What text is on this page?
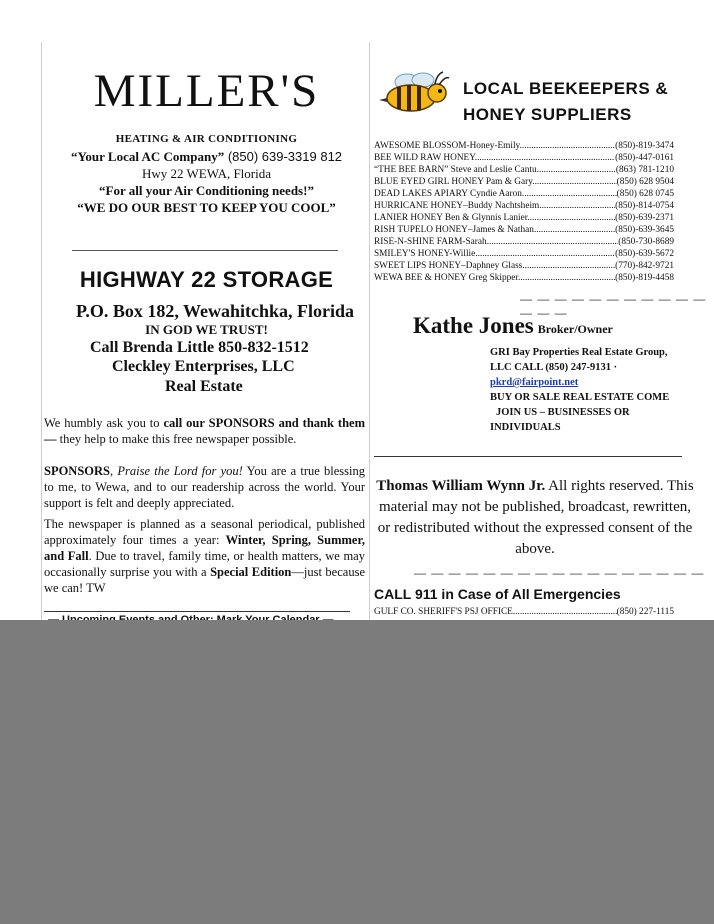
MILLER'S
HEATING & AIR CONDITIONING
“Your Local AC Company” (850) 639-3319 812
Hwy 22 WEWA, Florida
“For all your Air Conditioning needs!”
“WE DO OUR BEST TO KEEP YOU COOL”
HIGHWAY 22 STORAGE
P.O. Box 182, Wewahitchka, Florida
IN GOD WE TRUST!
Call Brenda Little 850-832-1512
Cleckley Enterprises, LLC
Real Estate
We humbly ask you to call our SPONSORS and thank them— they help to make this free newspaper possible.
SPONSORS, Praise the Lord for you! You are a true blessing to me, to Wewa, and to our readership across the world. Your support is felt and deeply appreciated.
The newspaper is planned as a seasonal periodical, published approximately four times a year: Winter, Spring, Summer, and Fall. Due to travel, family time, or health matters, we may occasionally surprise you with a Special Edition—just because we can! TW
LOCAL BEEKEEPERS &
HONEY SUPPLIERS
AWESOME BLOSSOM-Honey-Emily .....	(850)-819-3474
BEE WILD RAW HONEY .....	(850)-447-0161
“THE BEE BARN” Steve and Leslie Cantu .....	(863) 781-1210
BLUE EYED GIRL HONEY Pam & Gary .....	(850) 628 9504
DEAD LAKES APIARY Cyndie Aaron .....	(850) 628 0745
HURRICANE HONEY–Buddy Nachtsheim .....	(850)-814-0754
LANIER HONEY Ben & Glynnis Lanier .....	(850)-639-2371
RISH TUPELO HONEY–James & Nathan .....	(850)-639-3645
RISE-N-SHINE FARM-Sarah .....	(850-730-8689
SMILEY'S HONEY-Willie .....	(850)-639-5672
SWEET LIPS HONEY–Daphney Glass .....	(770)-842-9721
WEWA BEE & HONEY Greg Skipper .....	(850)-819-4458
— — — — — — — — — — — — — —
Kathe Jones Broker/Owner
GRI Bay Properties Real Estate Group,
LLC CALL (850) 247-9131 ·
pkrd@fairpoint.net
BUY OR SALE REAL ESTATE COME
JOIN US – BUSINESSES OR
INDIVIDUALS
Thomas William Wynn Jr. All rights reserved. This material may not be published, broadcast, rewritten, or redistributed without the expressed consent of the above.
— — — — — — — — — — — — — — — — —
CALL 911 in Case of All Emergencies
GULF CO. SHERIFF'S PSJ OFFICE .....	(850) 227-1115
